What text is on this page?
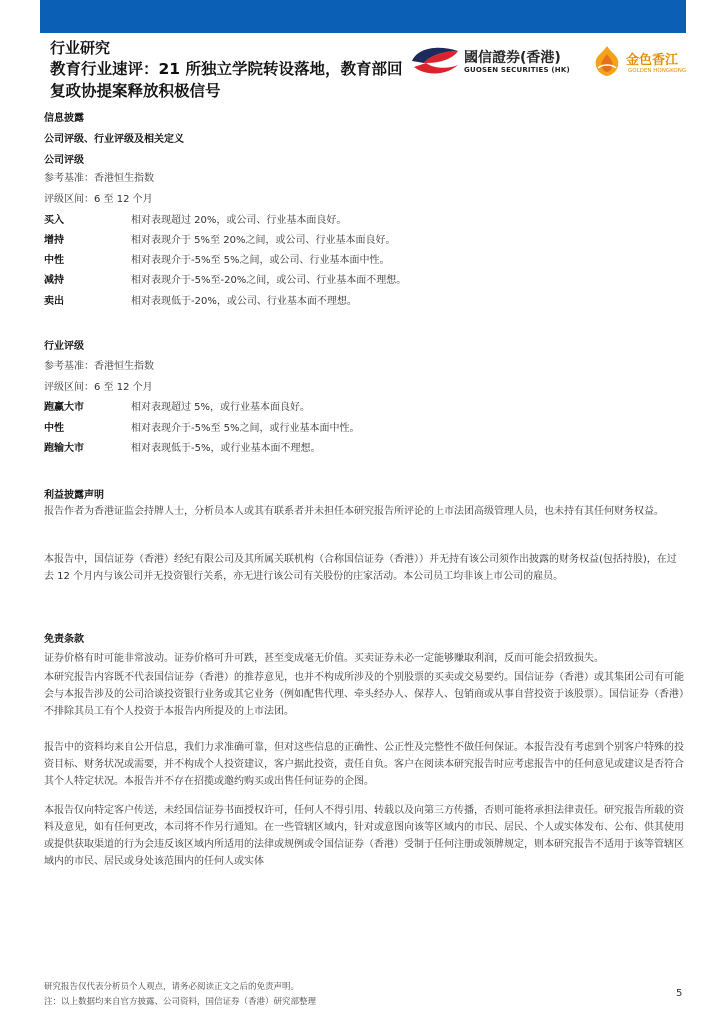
行业研究
教育行业速评：21 所独立学院转设落地，教育部回复政协提案释放积极信号
國信證券(香港)
GUOSEN SECURITIES (HK)
金色香江
GOLDEN HONGKONG
信息披露
公司评级、行业评级及相关定义
公司评级
参考基准：香港恒生指数
评级区间：6 至 12 个月
买入	相对表现超过 20%，或公司、行业基本面良好。
增持	相对表现介于 5%至 20%之间，或公司、行业基本面良好。
中性	相对表现介于-5%至 5%之间，或公司、行业基本面中性。
减持	相对表现介于-5%至-20%之间，或公司、行业基本面不理想。
卖出	相对表现低于-20%，或公司、行业基本面不理想。
行业评级
参考基准：香港恒生指数
评级区间：6 至 12 个月
跑赢大市	相对表现超过 5%，或行业基本面良好。
中性	相对表现介于-5%至 5%之间，或行业基本面中性。
跑输大市	相对表现低于-5%，或行业基本面不理想。
利益披露声明
报告作者为香港证监会持牌人士，分析员本人或其有联系者并未担任本研究报告所评论的上市法团高级管理人员，也未持有其任何财务权益。
本报告中，国信证券（香港）经纪有限公司及其所属关联机构（合称国信证券（香港））并无持有该公司须作出披露的财务权益(包括持股)，在过去 12 个月内与该公司并无投资银行关系，亦无进行该公司有关股份的庄家活动。本公司员工均非该上市公司的雇员。
免责条款
证券价格有时可能非常波动。证券价格可升可跌，甚至变成毫无价值。买卖证券未必一定能够赚取利润，反而可能会招致损失。
本研究报告内容既不代表国信证券（香港）的推荐意见，也并不构成所涉及的个别股票的买卖或交易要约。国信证券（香港）或其集团公司有可能会与本报告涉及的公司洽谈投资银行业务或其它业务（例如配售代理、牵头经办人、保荐人、包销商或从事自营投资于该股票）。国信证券（香港）不排除其员工有个人投资于本报告内所提及的上市法团。
报告中的资料均来自公开信息，我们力求准确可靠，但对这些信息的正确性、公正性及完整性不做任何保证。本报告没有考虑到个别客户特殊的投资目标、财务状况或需要，并不构成个人投资建议，客户据此投资，责任自负。客户在阅读本研究报告时应考虑报告中的任何意见或建议是否符合其个人特定状况。本报告并不存在招揽或邀约购买或出售任何证券的企图。
本报告仅向特定客户传送，未经国信证券书面授权许可，任何人不得引用、转载以及向第三方传播，否则可能将承担法律责任。研究报告所载的资料及意见，如有任何更改，本司将不作另行通知。在一些管辖区域内，针对或意图向该等区域内的市民、居民、个人或实体发布、公布、供其使用或提供获取渠道的行为会违反该区域内所适用的法律或规例或令国信证券（香港）受制于任何注册或领牌规定，则本研究报告不适用于该等管辖区域内的市民、居民或身处该范围内的任何人或实体
研究报告仅代表分析员个人观点，请务必阅读正文之后的免责声明。
注：以上数据均来自官方披露、公司资料，国信证券（香港）研究部整理
5
